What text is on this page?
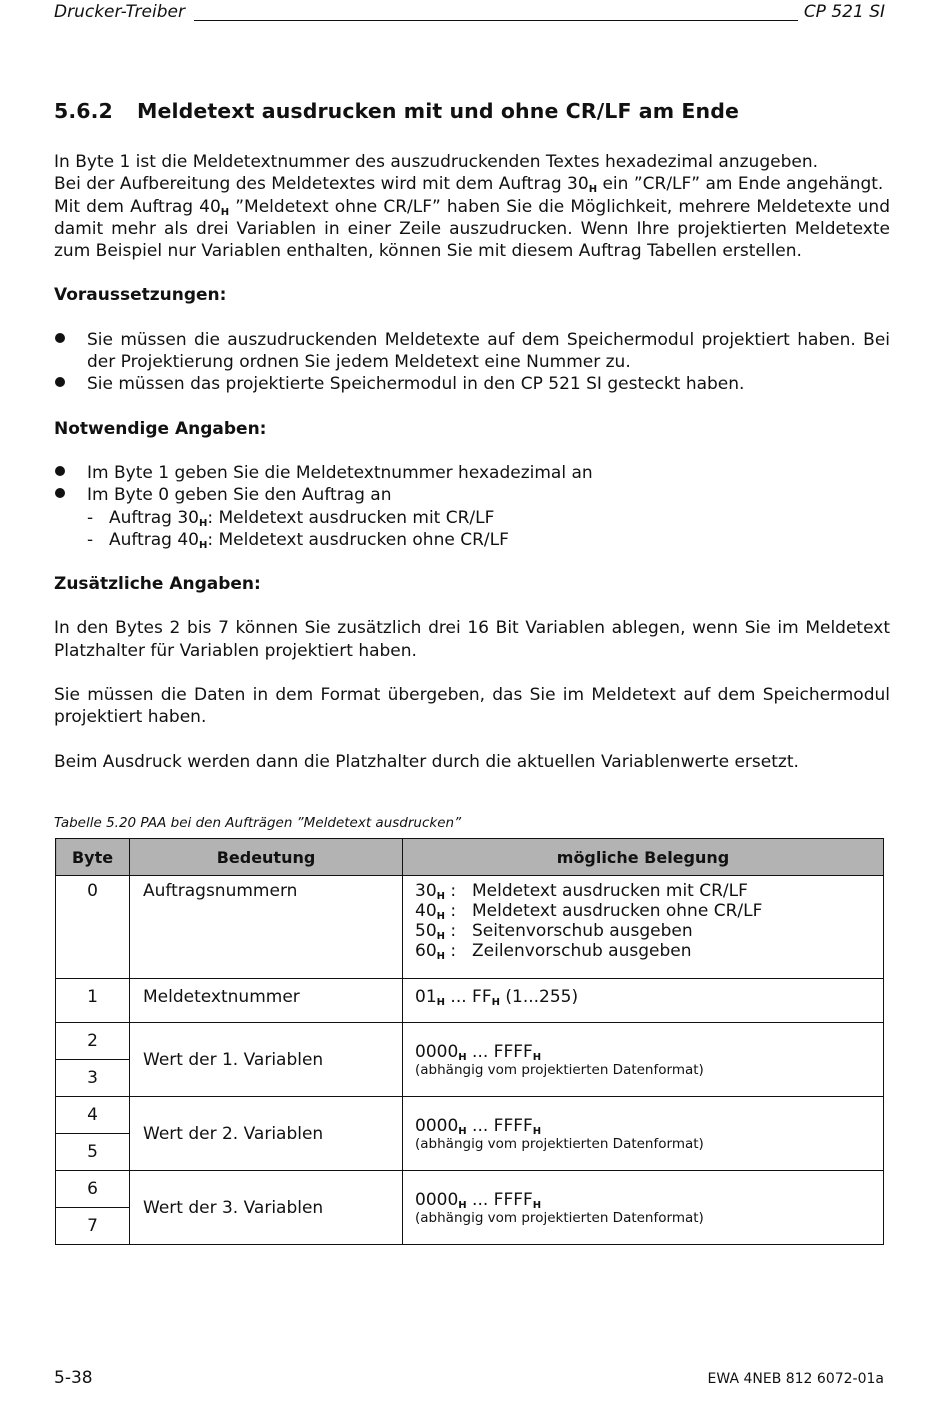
Drucker-Treiber	CP 521 SI
5.6.2 Meldetext ausdrucken mit und ohne CR/LF am Ende

In Byte 1 ist die Meldetextnummer des auszudruckenden Textes hexadezimal anzugeben.

Bei der Aufbereitung des Meldetextes wird mit dem Auftrag $30_H$ ein ”CR/LF” am Ende angehängt.

Mit dem Auftrag $40_H$ ”Meldetext ohne CR/LF” haben Sie die Möglichkeit, mehrere Meldetexte und damit mehr als drei Variablen in einer Zeile auszudrucken. Wenn Ihre projektierten Meldetexte zum Beispiel nur Variablen enthalten, können Sie mit diesem Auftrag Tabellen erstellen.

Voraussetzungen:

Sie müssen die auszudruckenden Meldetexte auf dem Speichermodul projektiert haben. Bei der Projektierung ordnen Sie jedem Meldetext eine Nummer zu.
Sie müssen das projektierte Speichermodul in den CP 521 SI gesteckt haben.

Notwendige Angaben:

Im Byte 1 geben Sie die Meldetextnummer hexadezimal an
Im Byte 0 geben Sie den Auftrag an
- Auftrag $30_H$: Meldetext ausdrucken mit CR/LF
- Auftrag $40_H$: Meldetext ausdrucken ohne CR/LF

Zusätzliche Angaben:

In den Bytes 2 bis 7 können Sie zusätzlich drei 16 Bit Variablen ablegen, wenn Sie im Meldetext Platzhalter für Variablen projektiert haben.

Sie müssen die Daten in dem Format übergeben, das Sie im Meldetext auf dem Speichermodul projektiert haben.

Beim Ausdruck werden dann die Platzhalter durch die aktuellen Variablenwerte ersetzt.

Tabelle 5.20 PAA bei den Aufträgen ”Meldetext ausdrucken”
Byte	Bedeutung	mögliche Belegung
0	Auftragsnummern	$30_H$ : Meldetext ausdrucken mit CR/LF
$40_H$ : Meldetext ausdrucken ohne CR/LF
$50_H$ : Seitenvorschub ausgeben
$60_H$ : Zeilenvorschub ausgeben

1	Meldetextnummer	$01_H$ ... $FF_H$ (1...255)
2	Wert der 1. Variablen	$0000_H$ ... $FFFF_H$
(abhängig vom projektierten Datenformat)

3		
4	Wert der 2. Variablen	$0000_H$ ... $FFFF_H$
(abhängig vom projektierten Datenformat)

5		
6	Wert der 3. Variablen	$0000_H$ ... $FFFF_H$
(abhängig vom projektierten Datenformat)

7		
5-38	EWA 4NEB 812 6072-01a
